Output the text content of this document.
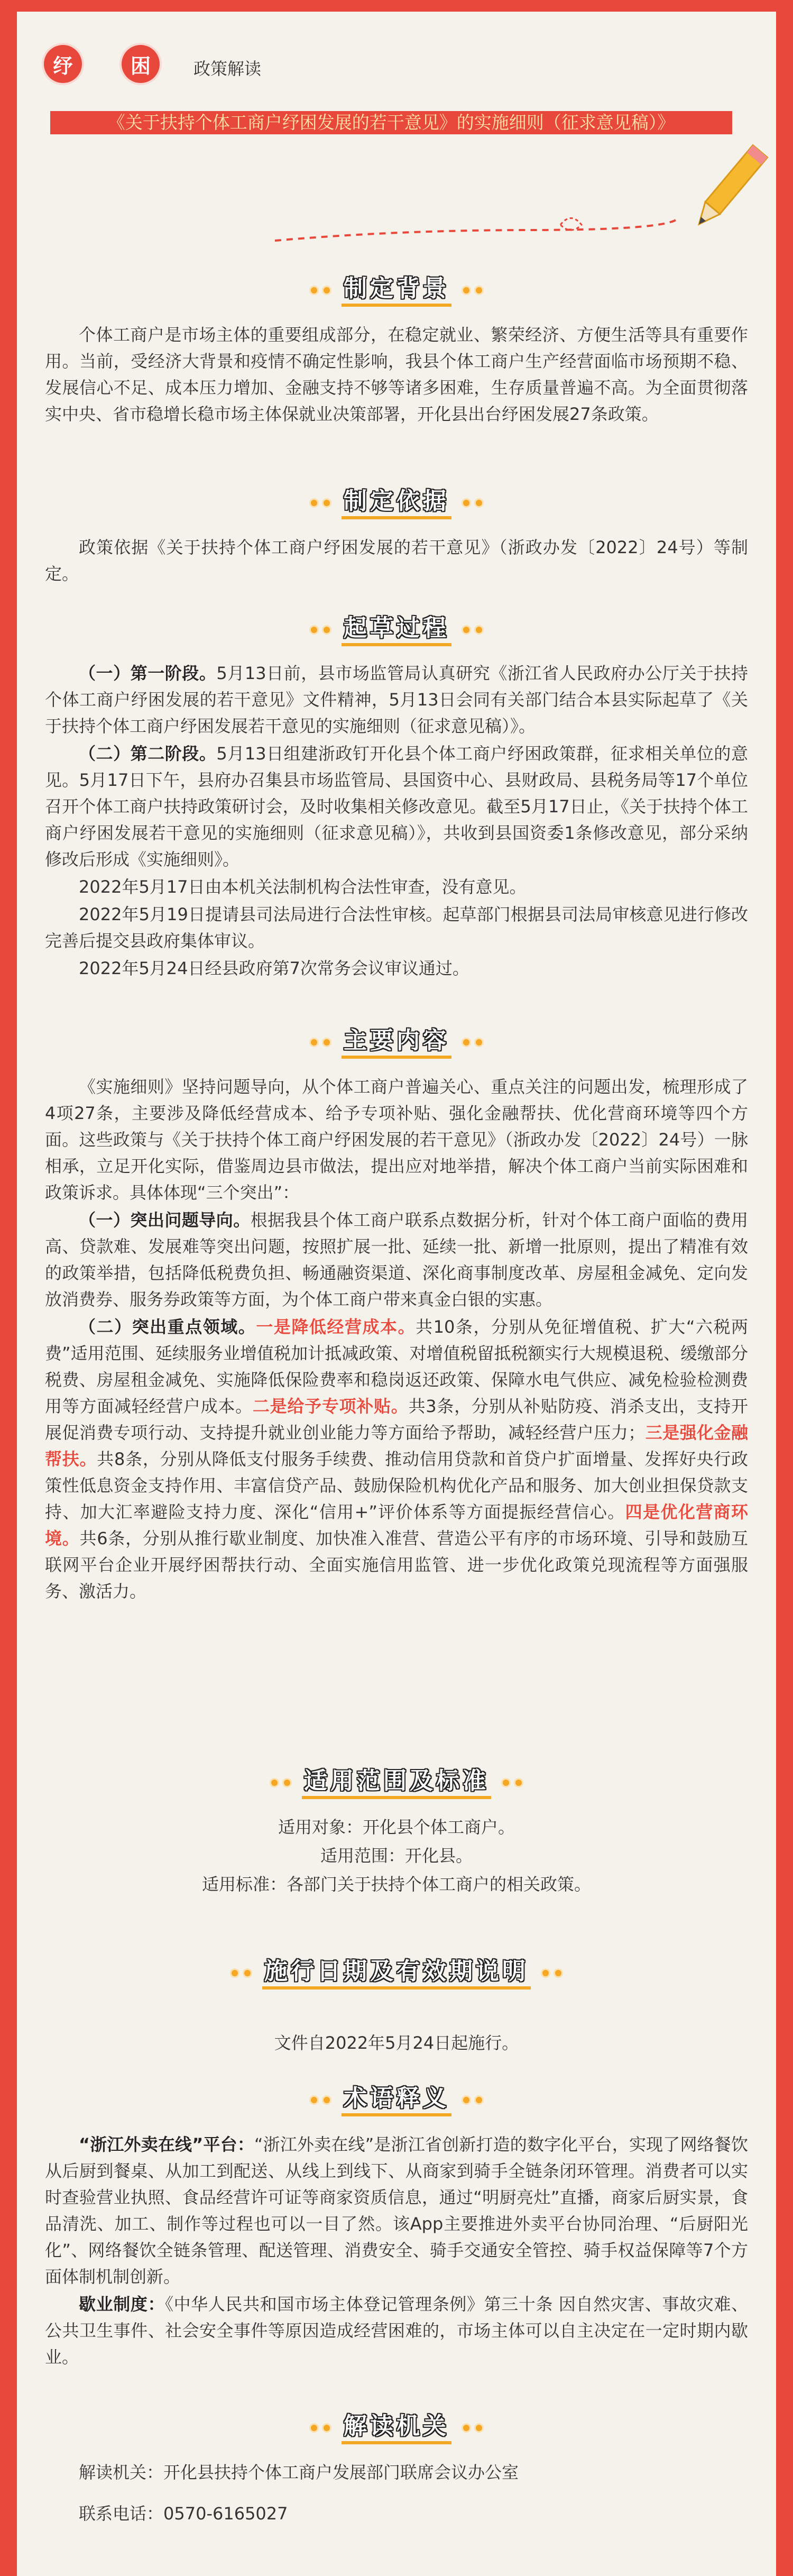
纾	困	政策解读
《关于扶持个体工商户纾困发展的若干意见》的实施细则（征求意见稿）》
制定背景

个体工商户是市场主体的重要组成部分，在稳定就业、繁荣经济、方便生活等具有重要作用。当前，受经济大背景和疫情不确定性影响，我县个体工商户生产经营面临市场预期不稳、发展信心不足、成本压力增加、金融支持不够等诸多困难，生存质量普遍不高。为全面贯彻落实中央、省市稳增长稳市场主体保就业决策部署，开化县出台纾困发展27条政策。

制定依据

政策依据《关于扶持个体工商户纾困发展的若干意见》（浙政办发〔2022〕24号）等制定。

起草过程

（一）第一阶段。5月13日前，县市场监管局认真研究《浙江省人民政府办公厅关于扶持个体工商户纾困发展的若干意见》文件精神，5月13日会同有关部门结合本县实际起草了《关于扶持个体工商户纾困发展若干意见的实施细则（征求意见稿）》。

（二）第二阶段。5月13日组建浙政钉开化县个体工商户纾困政策群，征求相关单位的意见。5月17日下午，县府办召集县市场监管局、县国资中心、县财政局、县税务局等17个单位召开个体工商户扶持政策研讨会，及时收集相关修改意见。截至5月17日止，《关于扶持个体工商户纾困发展若干意见的实施细则（征求意见稿）》，共收到县国资委1条修改意见，部分采纳修改后形成《实施细则》。

2022年5月17日由本机关法制机构合法性审查，没有意见。

2022年5月19日提请县司法局进行合法性审核。起草部门根据县司法局审核意见进行修改完善后提交县政府集体审议。

2022年5月24日经县政府第7次常务会议审议通过。

主要内容

《实施细则》坚持问题导向，从个体工商户普遍关心、重点关注的问题出发，梳理形成了4项27条，主要涉及降低经营成本、给予专项补贴、强化金融帮扶、优化营商环境等四个方面。这些政策与《关于扶持个体工商户纾困发展的若干意见》（浙政办发〔2022〕24号）一脉相承，立足开化实际，借鉴周边县市做法，提出应对地举措，解决个体工商户当前实际困难和政策诉求。具体体现“三个突出”：

（一）突出问题导向。根据我县个体工商户联系点数据分析，针对个体工商户面临的费用高、贷款难、发展难等突出问题，按照扩展一批、延续一批、新增一批原则，提出了精准有效的政策举措，包括降低税费负担、畅通融资渠道、深化商事制度改革、房屋租金减免、定向发放消费券、服务券政策等方面，为个体工商户带来真金白银的实惠。

（二）突出重点领域。一是降低经营成本。共10条，分别从免征增值税、扩大“六税两费”适用范围、延续服务业增值税加计抵减政策、对增值税留抵税额实行大规模退税、缓缴部分税费、房屋租金减免、实施降低保险费率和稳岗返还政策、保障水电气供应、减免检验检测费用等方面减轻经营户成本。二是给予专项补贴。共3条，分别从补贴防疫、消杀支出，支持开展促消费专项行动、支持提升就业创业能力等方面给予帮助，减轻经营户压力；三是强化金融帮扶。共8条，分别从降低支付服务手续费、推动信用贷款和首贷户扩面增量、发挥好央行政策性低息资金支持作用、丰富信贷产品、鼓励保险机构优化产品和服务、加大创业担保贷款支持、加大汇率避险支持力度、深化“信用+”评价体系等方面提振经营信心。四是优化营商环境。共6条，分别从推行歇业制度、加快准入准营、营造公平有序的市场环境、引导和鼓励互联网平台企业开展纾困帮扶行动、全面实施信用监管、进一步优化政策兑现流程等方面强服务、激活力。

适用范围及标准
适用对象：开化县个体工商户。
适用范围：开化县。
适用标准：各部门关于扶持个体工商户的相关政策。
施行日期及有效期说明
文件自2022年5月24日起施行。
术语释义

“浙江外卖在线”平台：“浙江外卖在线”是浙江省创新打造的数字化平台，实现了网络餐饮从后厨到餐桌、从加工到配送、从线上到线下、从商家到骑手全链条闭环管理。消费者可以实时查验营业执照、食品经营许可证等商家资质信息，通过“明厨亮灶”直播，商家后厨实景，食品清洗、加工、制作等过程也可以一目了然。该App主要推进外卖平台协同治理、“后厨阳光化”、网络餐饮全链条管理、配送管理、消费安全、骑手交通安全管控、骑手权益保障等7个方面体制机制创新。

歇业制度：《中华人民共和国市场主体登记管理条例》第三十条 因自然灾害、事故灾难、公共卫生事件、社会安全事件等原因造成经营困难的，市场主体可以自主决定在一定时期内歇业。

解读机关

解读机关：开化县扶持个体工商户发展部门联席会议办公室

联系电话：0570-6165027
